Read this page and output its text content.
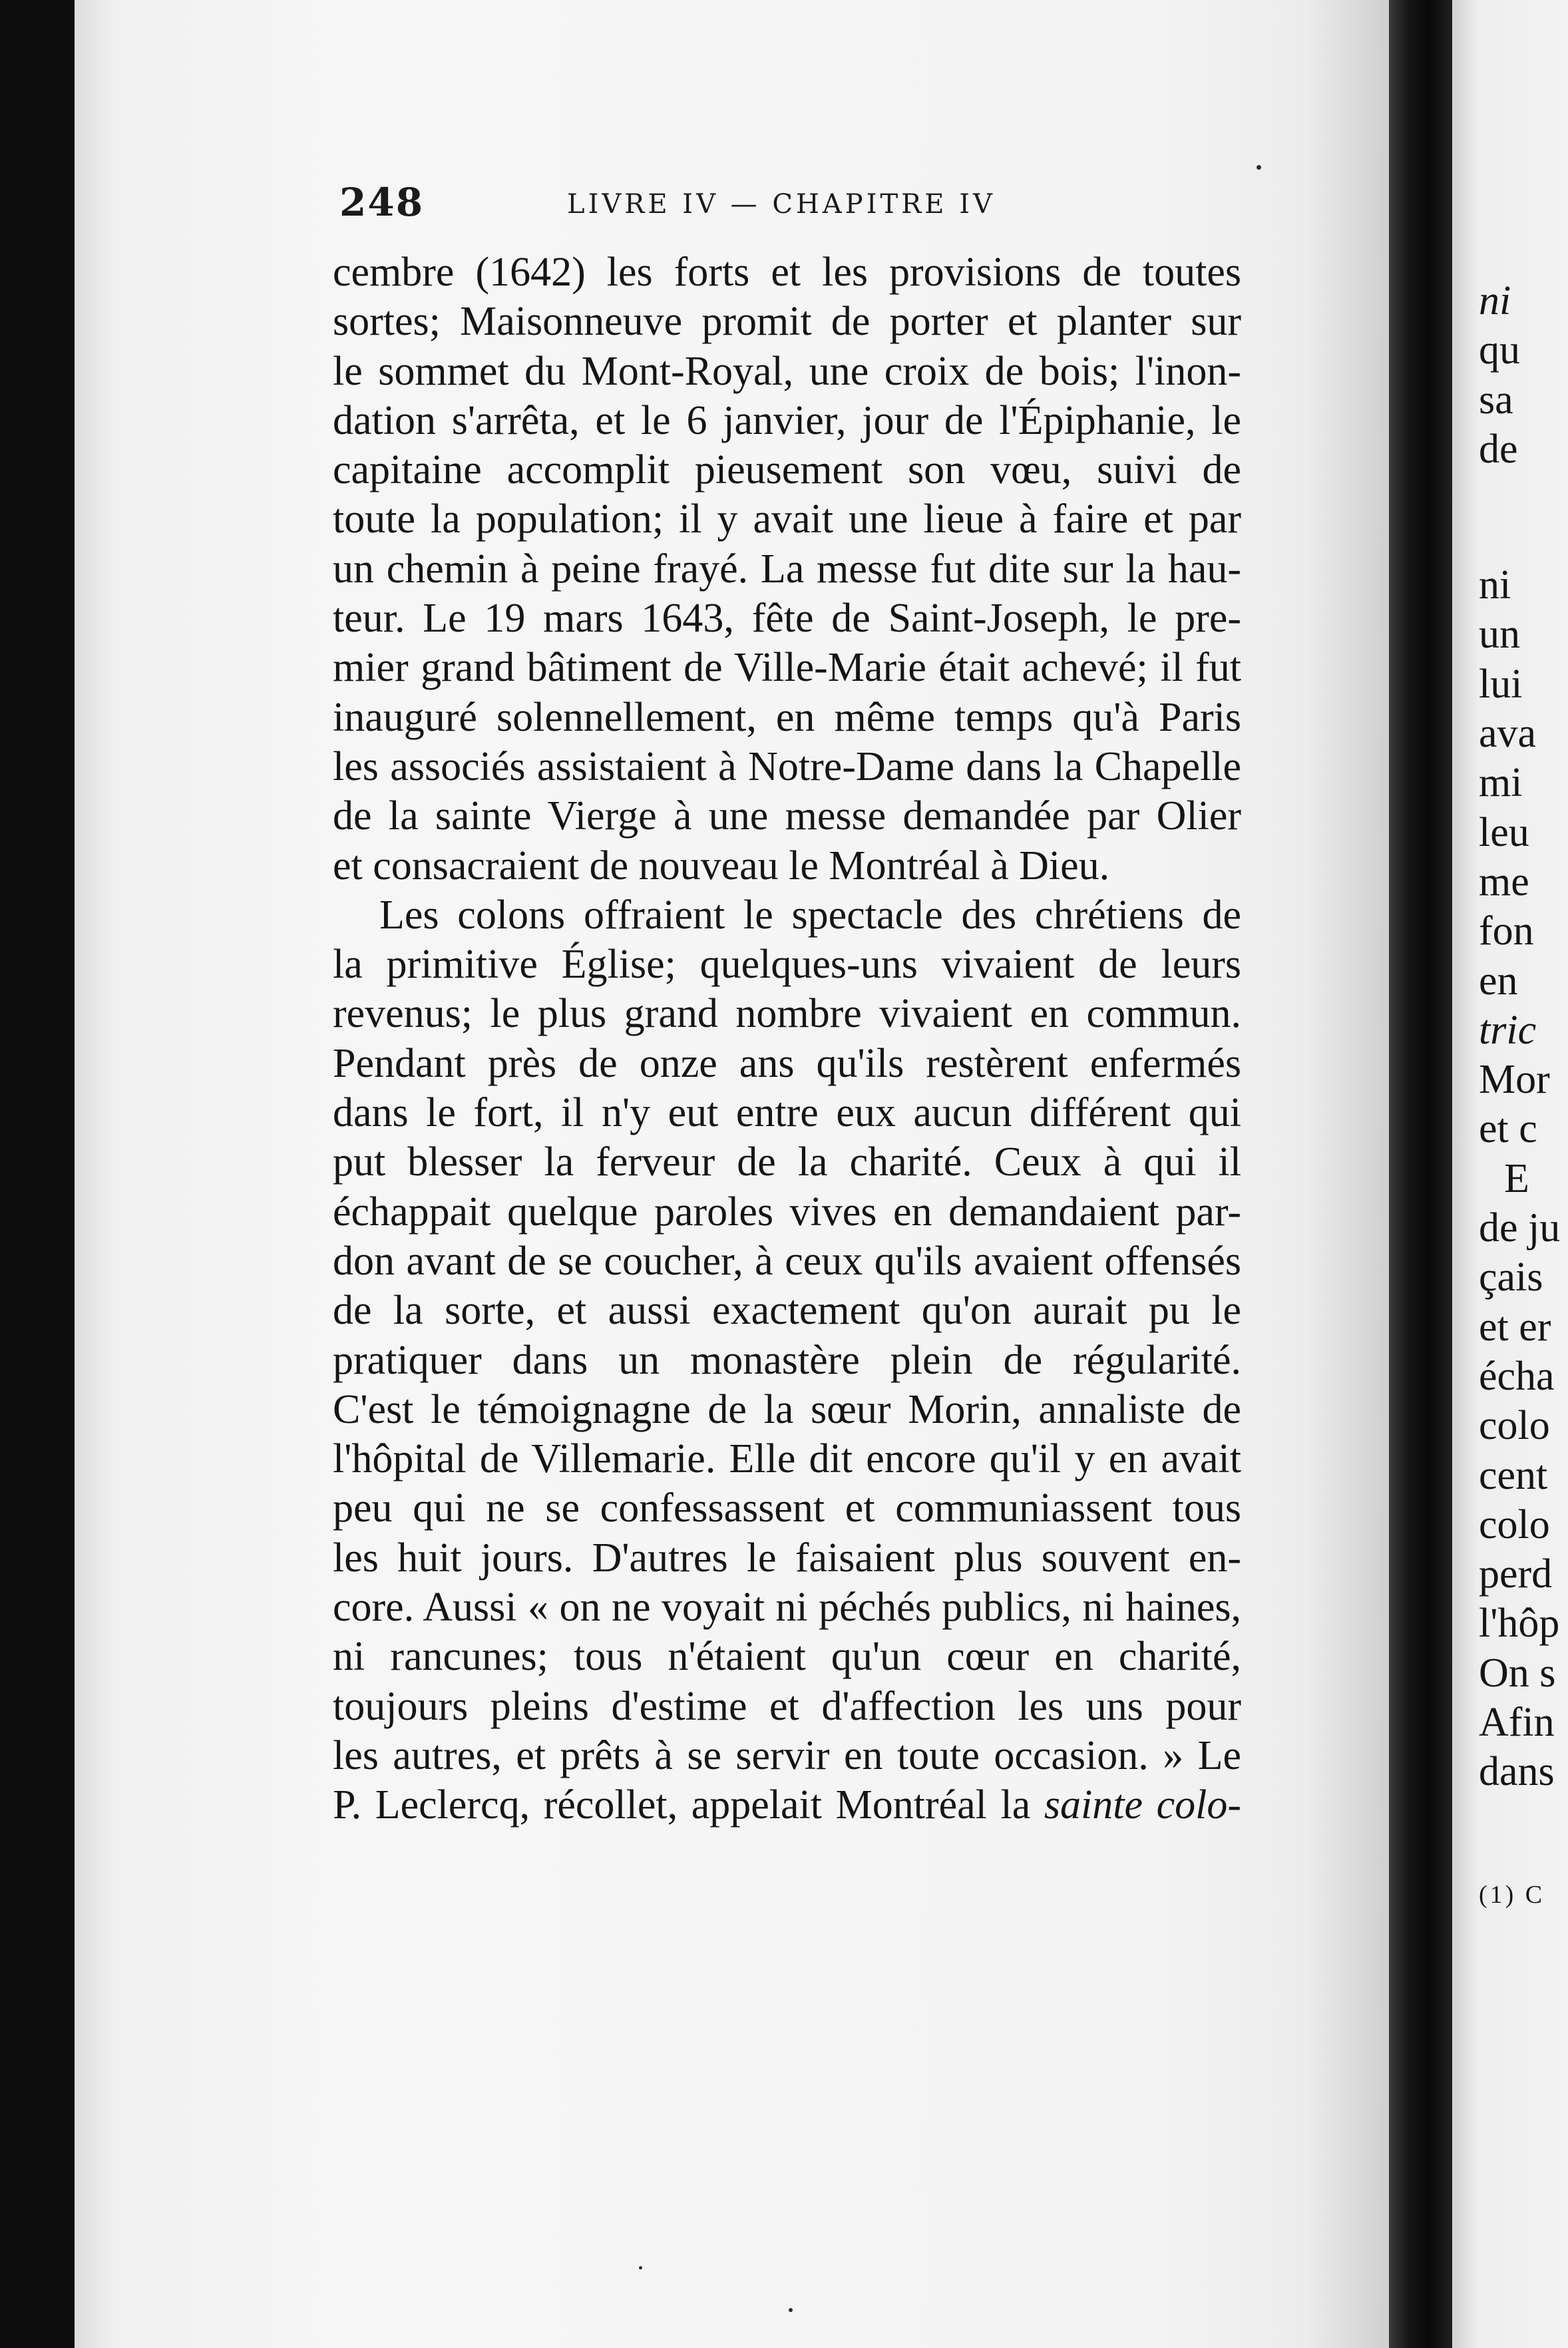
248	LIVRE IV — CHAPITRE IV
cembre (1642) les forts et les provisions de toutes
sortes; Maisonneuve promit de porter et planter sur
le sommet du Mont-Royal, une croix de bois; l'inon-
dation s'arrêta, et le 6 janvier, jour de l'Épiphanie, le
capitaine accomplit pieusement son vœu, suivi de
toute la population; il y avait une lieue à faire et par
un chemin à peine frayé. La messe fut dite sur la hau-
teur. Le 19 mars 1643, fête de Saint-Joseph, le pre-
mier grand bâtiment de Ville-Marie était achevé; il fut
inauguré solennellement, en même temps qu'à Paris
les associés assistaient à Notre-Dame dans la Chapelle
de la sainte Vierge à une messe demandée par Olier
et consacraient de nouveau le Montréal à Dieu.
Les colons offraient le spectacle des chrétiens de
la primitive Église; quelques-uns vivaient de leurs
revenus; le plus grand nombre vivaient en commun.
Pendant près de onze ans qu'ils restèrent enfermés
dans le fort, il n'y eut entre eux aucun différent qui
put blesser la ferveur de la charité. Ceux à qui il
échappait quelque paroles vives en demandaient par-
don avant de se coucher, à ceux qu'ils avaient offensés
de la sorte, et aussi exactement qu'on aurait pu le
pratiquer dans un monastère plein de régularité.
C'est le témoignagne de la sœur Morin, annaliste de
l'hôpital de Villemarie. Elle dit encore qu'il y en avait
peu qui ne se confessassent et communiassent tous
les huit jours. D'autres le faisaient plus souvent en-
core. Aussi « on ne voyait ni péchés publics, ni haines,
ni rancunes; tous n'étaient qu'un cœur en charité,
toujours pleins d'estime et d'affection les uns pour
les autres, et prêts à se servir en toute occasion. » Le
P. Leclercq, récollet, appelait Montréal la sainte colo-
ni
qu
sa
de
ni
un
lui
ava
mi
leu
me
fon
en
tric
Mor
et c
E
de ju
çais
et er
écha
colo
cent
colo
perd
l'hôp
On s
Afin
dans
(1) C
